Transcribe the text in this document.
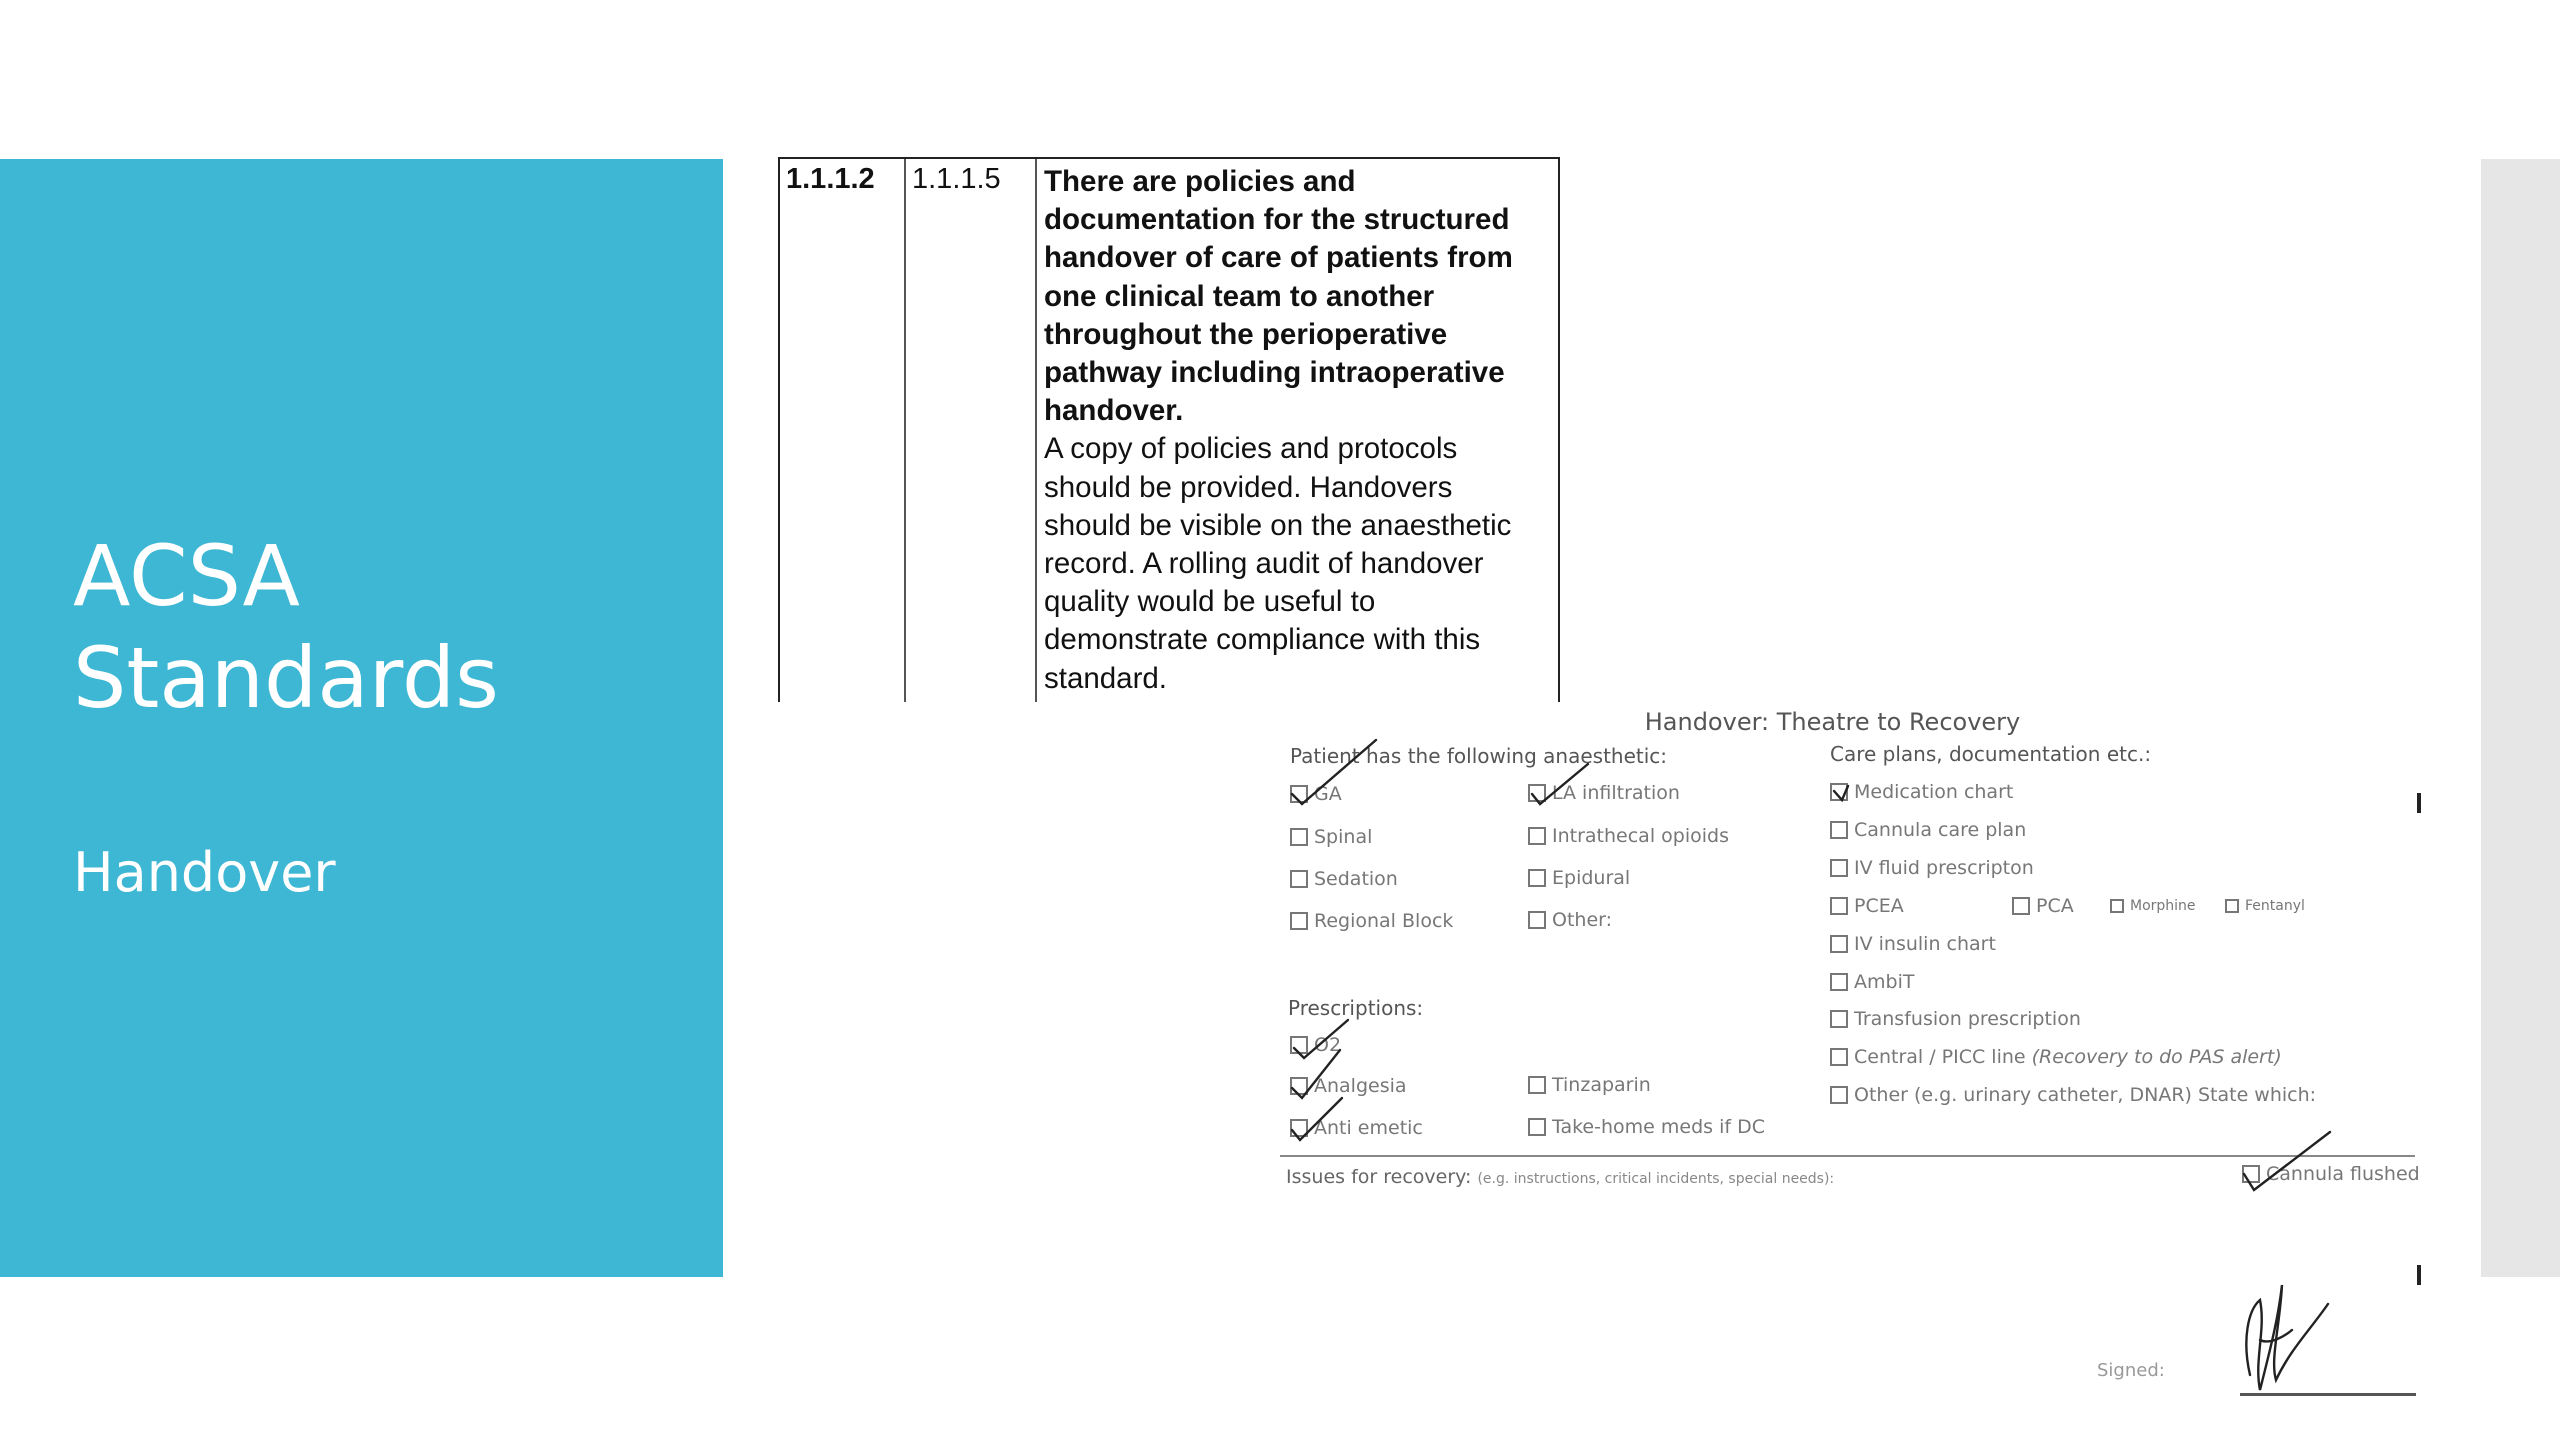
ACSA
Standards
Handover
1.1.1.2 1.1.1.5 There are policies and
documentation for the structured
handover of care of patients from
one clinical team to another
throughout the perioperative
pathway including intraoperative
handover.
A copy of policies and protocols
should be provided. Handovers
should be visible on the anaesthetic
record. A rolling audit of handover
quality would be useful to
demonstrate compliance with this
standard.
Handover: Theatre to Recovery
Patient has the following anaesthetic:	Care plans, documentation etc.:
GA
Spinal
Sedation
Regional Block
LA infiltration
Intrathecal opioids
Epidural
Other:
Prescriptions:
O2
Analgesia
Anti emetic
Tinzaparin
Take-home meds if DC
Medication chart
Cannula care plan
IV fluid prescripton
PCEA	PCA	Morphine	Fentanyl
IV insulin chart
AmbiT
Transfusion prescription
Central / PICC line (Recovery to do PAS alert)
Other (e.g. urinary catheter, DNAR) State which:
Issues for recovery: (e.g. instructions, critical incidents, special needs):	Cannula flushed
Signed:
